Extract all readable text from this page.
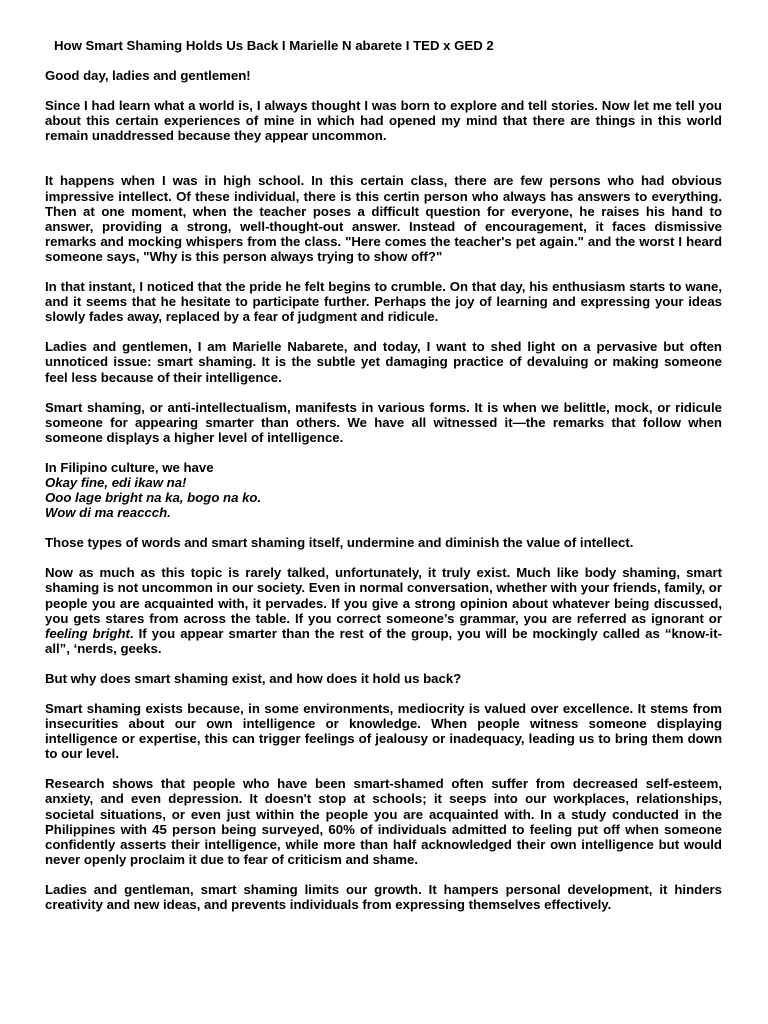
How Smart Shaming Holds Us Back I Marielle N abarete I TED x GED 2
Good day, ladies and gentlemen!

Since I had learn what a world is, I always thought I was born to explore and tell stories. Now let me tell you about this certain experiences of mine in which had opened my mind that there are things in this world remain unaddressed because they appear uncommon.

It happens when I was in high school. In this certain class, there are few persons who had obvious impressive intellect. Of these individual, there is this certin person who always has answers to everything. Then at one moment, when the teacher poses a difficult question for everyone, he raises his hand to answer, providing a strong, well-thought-out answer. Instead of encouragement, it faces dismissive remarks and mocking whispers from the class. "Here comes the teacher's pet again." and the worst I heard someone says, "Why is this person always trying to show off?"

In that instant, I noticed that the pride he felt begins to crumble. On that day, his enthusiasm starts to wane, and it seems that he hesitate to participate further. Perhaps the joy of learning and expressing your ideas slowly fades away, replaced by a fear of judgment and ridicule.

Ladies and gentlemen, I am Marielle Nabarete, and today, I want to shed light on a pervasive but often unnoticed issue: smart shaming. It is the subtle yet damaging practice of devaluing or making someone feel less because of their intelligence.

Smart shaming, or anti-intellectualism, manifests in various forms. It is when we belittle, mock, or ridicule someone for appearing smarter than others. We have all witnessed it—the remarks that follow when someone displays a higher level of intelligence.

In Filipino culture, we have
Okay fine, edi ikaw na!
Ooo lage bright na ka, bogo na ko.
Wow di ma reaccch.

Those types of words and smart shaming itself, undermine and diminish the value of intellect.

Now as much as this topic is rarely talked, unfortunately, it truly exist. Much like body shaming, smart shaming is not uncommon in our society. Even in normal conversation, whether with your friends, family, or people you are acquainted with, it pervades. If you give a strong opinion about whatever being discussed, you gets stares from across the table. If you correct someone’s grammar, you are referred as ignorant or feeling bright. If you appear smarter than the rest of the group, you will be mockingly called as “know-it-all”, ‘nerds, geeks.

But why does smart shaming exist, and how does it hold us back?

Smart shaming exists because, in some environments, mediocrity is valued over excellence. It stems from insecurities about our own intelligence or knowledge. When people witness someone displaying intelligence or expertise, this can trigger feelings of jealousy or inadequacy, leading us to bring them down to our level.

Research shows that people who have been smart-shamed often suffer from decreased self-esteem, anxiety, and even depression. It doesn't stop at schools; it seeps into our workplaces, relationships, societal situations, or even just within the people you are acquainted with. In a study conducted in the Philippines with 45 person being surveyed, 60% of individuals admitted to feeling put off when someone confidently asserts their intelligence, while more than half acknowledged their own intelligence but would never openly proclaim it due to fear of criticism and shame.

Ladies and gentleman, smart shaming limits our growth. It hampers personal development, it hinders creativity and new ideas, and prevents individuals from expressing themselves effectively.
